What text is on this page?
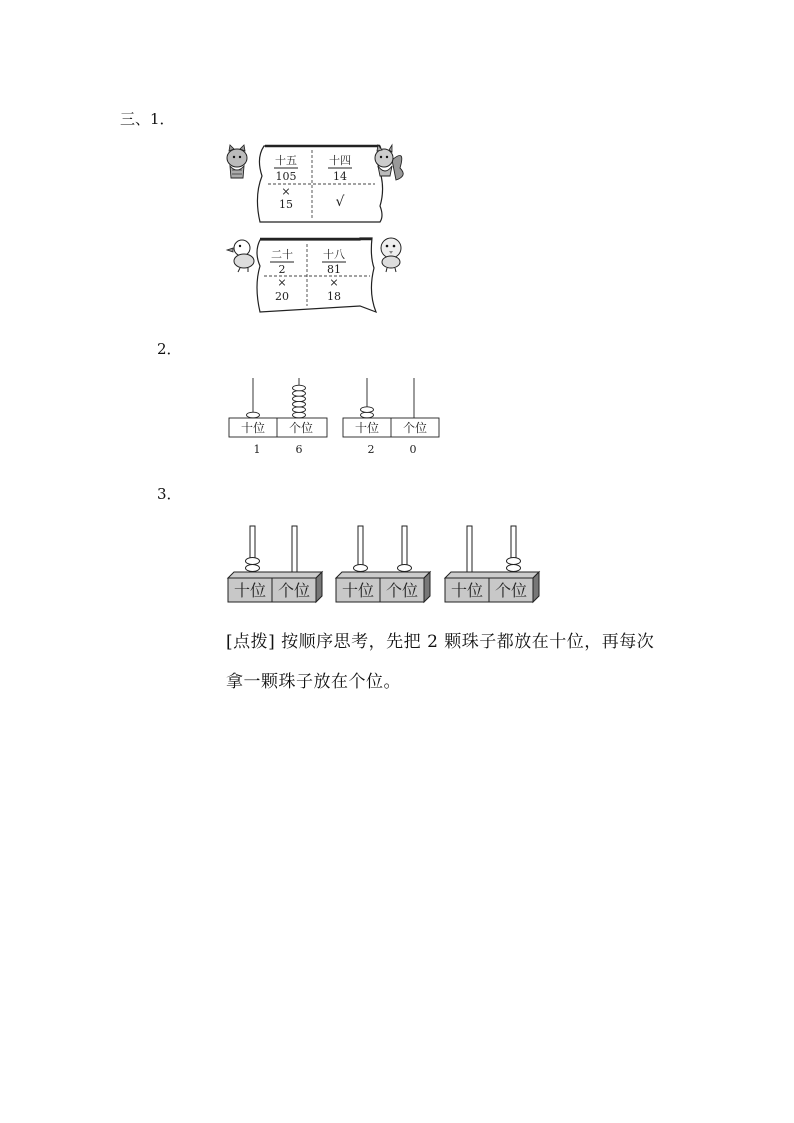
三、1．
2．
3．
十五
105
×
15
十四
14
√
二十
2
×
20
十八
81
×
18
十位 个位
1	6
十位 个位
2	0
十位 个位 十位 个位 十位 个位
[点拨] 按顺序思考，先把 2 颗珠子都放在十位，再每次
拿一颗珠子放在个位。
